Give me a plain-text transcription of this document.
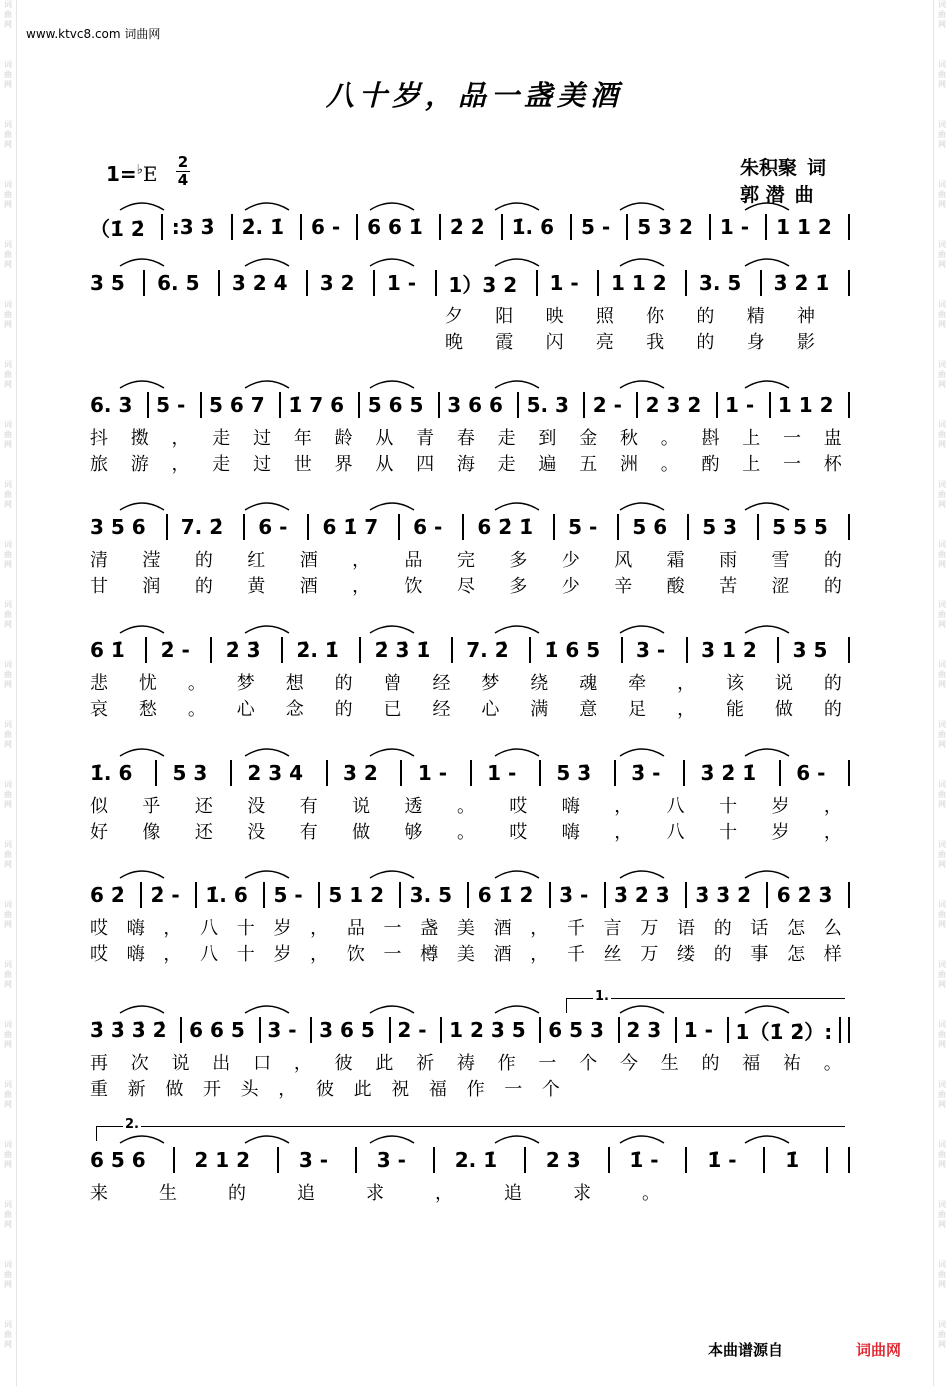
词
曲
网
词
曲
网
词
曲
网
词
曲
网
词
曲
网
词
曲
网
词
曲
网
词
曲
网
词
曲
网
词
曲
网
词
曲
网
词
曲
网
词
曲
网
词
曲
网
词
曲
网
词
曲
网
词
曲
网
词
曲
网
词
曲
网
词
曲
网
词
曲
网
词
曲
网
词
曲
网
词
曲
网
词
曲
网
词
曲
网
词
曲
网
词
曲
网
词
曲
网
词
曲
网
词
曲
网
词
曲
网
词
曲
网
词
曲
网
词
曲
网
词
曲
网
词
曲
网
词
曲
网
词
曲
网
词
曲
网
词
曲
网
词
曲
网
词
曲
网
词
曲
网
词
曲
网
词
曲
网
www.ktvc8.com 词曲网
八十岁，品一盏美酒
1=♭E 2
4
朱积聚 词
郭 潜 曲
（1̇ 2̇ :3 3̇ 2̇. 1̇ 6 - 6 6 1̇ 2̇ 2̇ 1̇. 6 5 - 5 3 2 1 - 1 1 2
3 5 6. 5 3 2 4 3 2 1 - 1）3 2 1 - 1 1 2 3. 5 3̇ 2̇ 1̇
夕 阳 映 照 你 的 精 神
晚 霞 闪 亮 我 的 身 影
6. 3 5 - 5 6 7 1̇ 7 6 5 6 5 3 6 6 5. 3 2 - 2 3 2 1 - 1 1 2
抖 擞 ， 走 过 年 龄 从 青 春 走 到 金 秋 。 斟 上 一 盅
旅 游 ， 走 过 世 界 从 四 海 走 遍 五 洲 。 酌 上 一 杯
3 5 6 7. 2̇ 6 - 6 1̇ 7 6 - 6 2̇ 1̇ 5 - 5 6 5 3 5 5 5
清 滢 的 红 酒 ， 品 完 多 少 风 霜 雨 雪 的
甘 润 的 黄 酒 ， 饮 尽 多 少 辛 酸 苦 涩 的
6 1̇ 2̇ - 2̇ 3̇ 2̇. 1̇ 2̇ 3̇ 1̇ 7. 2̇ 1̇ 6 5 3 - 3 1 2 3 5
悲 忧 。 梦 想 的 曾 经 梦 绕 魂 牵 ， 该 说 的
哀 愁 。 心 念 的 已 经 心 满 意 足 ， 能 做 的
1̇. 6 5 3 2 3 4 3 2 1 - 1 - 5 3̇ 3̇ - 3̇ 2̇ 1̇ 6 -
似 乎 还 没 有 说 透 。 哎 嗨 ， 八 十 岁 ，
好 像 还 没 有 做 够 。 哎 嗨 ， 八 十 岁 ，
6 2̇ 2̇ - 1̇. 6 5 - 5 1 2 3. 5 6 1̇ 2̇ 3̇ - 3̇ 2̇ 3̇ 3̇ 3̇ 2̇ 6 2̇ 3̇
哎 嗨 ， 八 十 岁 ， 品 一 盏 美 酒 ， 千 言 万 语 的 话 怎 么
哎 嗨 ， 八 十 岁 ， 饮 一 樽 美 酒 ， 千 丝 万 缕 的 事 怎 样
3̇ 3̇ 3̇ 2̇ 6 6 5 3 - 3 6 5 2 - 1 2 3 5 6 5 3 2 3 1 - 1（1̇ 2̇）:
再 次 说 出 口 ， 彼 此 祈 祷 作 一 个 今 生 的 福 祐 。
重 新 做 开 头 ， 彼 此 祝 福 作 一 个
6 5 6 2 1 2 3 - 3 - 2. 1̇ 2 3 1̇ - 1̇ - 1̇
来	生	的	追	求	，	追	求	。
1.
2.
本曲谱源自	词曲网
